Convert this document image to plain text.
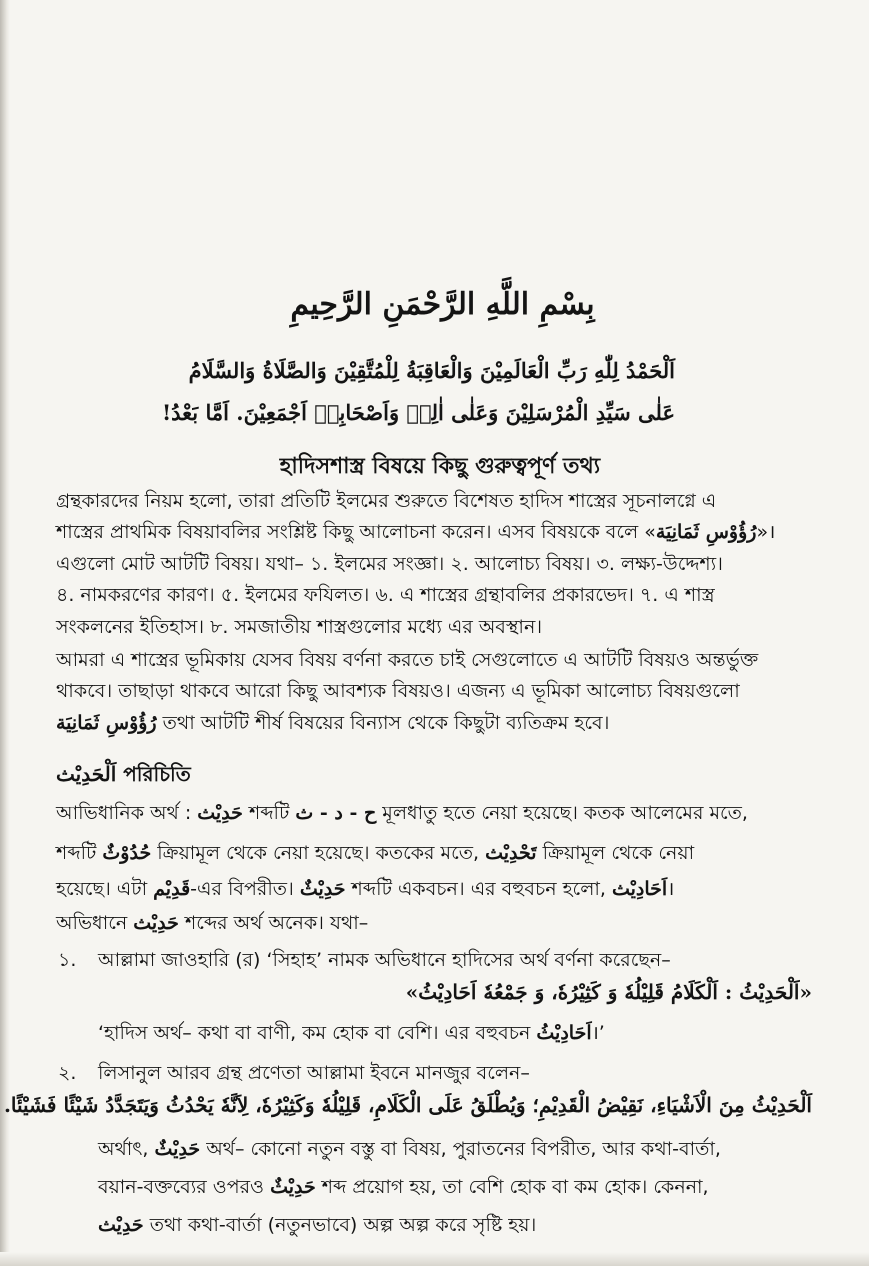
بِسْمِ اللَّهِ الرَّحْمَنِ الرَّحِيمِ
اَلْحَمْدُ لِلّٰهِ رَبِّ الْعَالَمِيْنَ وَالْعَاقِبَةُ لِلْمُتَّقِيْنَ وَالصَّلَاةُ وَالسَّلَامُ
عَلٰى سَيِّدِ الْمُرْسَلِيْنَ وَعَلٰى اٰلِهٖ وَاَصْحَابِهٖ اَجْمَعِيْنَ. اَمَّا بَعْدُ!
হাদিসশাস্ত্র বিষয়ে কিছু গুরুত্বপূর্ণ তথ্য
গ্রন্থকারদের নিয়ম হলো, তারা প্রতিটি ইলমের শুরুতে বিশেষত হাদিস শাস্ত্রের সূচনালগ্নে এ
শাস্ত্রের প্রাথমিক বিষয়াবলির সংশ্লিষ্ট কিছু আলোচনা করেন। এসব বিষয়কে বলে «رُؤُوْسِ ثَمَانِيَة»।
এগুলো মোট আটটি বিষয়। যথা– ১. ইলমের সংজ্ঞা। ২. আলোচ্য বিষয়। ৩. লক্ষ্য-উদ্দেশ্য।
৪. নামকরণের কারণ। ৫. ইলমের ফযিলত। ৬. এ শাস্ত্রের গ্রন্থাবলির প্রকারভেদ। ৭. এ শাস্ত্র
সংকলনের ইতিহাস। ৮. সমজাতীয় শাস্ত্রগুলোর মধ্যে এর অবস্থান।
আমরা এ শাস্ত্রের ভূমিকায় যেসব বিষয় বর্ণনা করতে চাই সেগুলোতে এ আটটি বিষয়ও অন্তর্ভুক্ত
থাকবে। তাছাড়া থাকবে আরো কিছু আবশ্যক বিষয়ও। এজন্য এ ভূমিকা আলোচ্য বিষয়গুলো
رُؤُوْسِ ثَمَانِيَة তথা আটটি শীর্ষ বিষয়ের বিন্যাস থেকে কিছুটা ব্যতিক্রম হবে।
اَلْحَدِيْث পরিচিতি
আভিধানিক অর্থ : حَدِيْث শব্দটি ح - د - ث মূলধাতু হতে নেয়া হয়েছে। কতক আলেমের মতে,
শব্দটি حُدُوْثٌ ক্রিয়ামূল থেকে নেয়া হয়েছে। কতকের মতে, تَحْدِيْث ক্রিয়ামূল থেকে নেয়া
হয়েছে। এটা قَدِيْم-এর বিপরীত। حَدِيْثٌ শব্দটি একবচন। এর বহুবচন হলো, اَحَادِيْث।
অভিধানে حَدِيْث শব্দের অর্থ অনেক। যথা–
১. আল্লামা জাওহারি (র) ‘সিহাহ’ নামক অভিধানে হাদিসের অর্থ বর্ণনা করেছেন–
«اَلْحَدِيْثُ : اَلْكَلَامُ قَلِيْلُهٗ وَ كَثِيْرُهٗ، وَ جَمْعُهٗ اَحَادِيْثُ»
‘হাদিস অর্থ– কথা বা বাণী, কম হোক বা বেশি। এর বহুবচন اَحَادِيْثُ।’
২. লিসানুল আরব গ্রন্থ প্রণেতা আল্লামা ইবনে মানজুর বলেন–
اَلْحَدِيْثُ مِنَ الْاَشْيَاءِ، نَقِيْضُ الْقَدِيْمِ؛ وَيُطْلَقُ عَلَى الْكَلَامِ، قَلِيْلُهٗ وَكَثِيْرُهٗ، لِاَنَّهٗ يَحْدُثُ وَيَتَجَدَّدُ شَيْئًا فَشَيْئًا.
অর্থাৎ, حَدِيْثٌ অর্থ– কোনো নতুন বস্তু বা বিষয়, পুরাতনের বিপরীত, আর কথা-বার্তা,
বয়ান-বক্তব্যের ওপরও حَدِيْثٌ শব্দ প্রয়োগ হয়, তা বেশি হোক বা কম হোক। কেননা,
حَدِيْث তথা কথা-বার্তা (নতুনভাবে) অল্প অল্প করে সৃষ্টি হয়।
